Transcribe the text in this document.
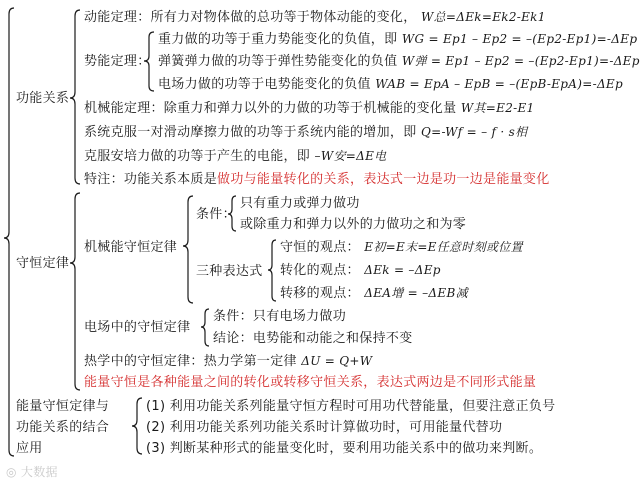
功能关系
动能定理：所有力对物体做的总功等于物体动能的变化， W总=ΔEk=Ek2-Ek1
势能定理：
重力做的功等于重力势能变化的负值，即 WG = Ep1 – Ep2 = –(Ep2-Ep1)=-ΔEp
弹簧弹力做的功等于弹性势能变化的负值 W弹 = Ep1 – Ep2 = –(Ep2-Ep1)=-ΔEp
电场力做的功等于电势能变化的负值 WAB = EpA – EpB = –(EpB-EpA)=-ΔEp
机械能定理：除重力和弹力以外的力做的功等于机械能的变化量 W其=E2-E1
系统克服一对滑动摩擦力做的功等于系统内能的增加，即 Q=-Wf = – f · s相
克服安培力做的功等于产生的电能，即 –W安=ΔE电
特注：功能关系本质是做功与能量转化的关系，表达式一边是功一边是能量变化
守恒定律
机械能守恒定律
条件：
只有重力或弹力做功
或除重力和弹力以外的力做功之和为零
三种表达式
守恒的观点： E初=E末=E任意时刻或位置
转化的观点： ΔEk = –ΔEp
转移的观点： ΔEA增 = –ΔEB减
电场中的守恒定律
条件：只有电场力做功
结论：电势能和动能之和保持不变
热学中的守恒定律：热力学第一定律 ΔU = Q+W
能量守恒是各种能量之间的转化或转移守恒关系，表达式两边是不同形式能量
能量守恒定律与
功能关系的结合
应用
(1) 利用功能关系列能量守恒方程时可用功代替能量，但要注意正负号
(2) 利用功能关系列功能关系时计算做功时，可用能量代替功
(3) 判断某种形式的能量变化时，要利用功能关系中的做功来判断。
◎ 大数据
